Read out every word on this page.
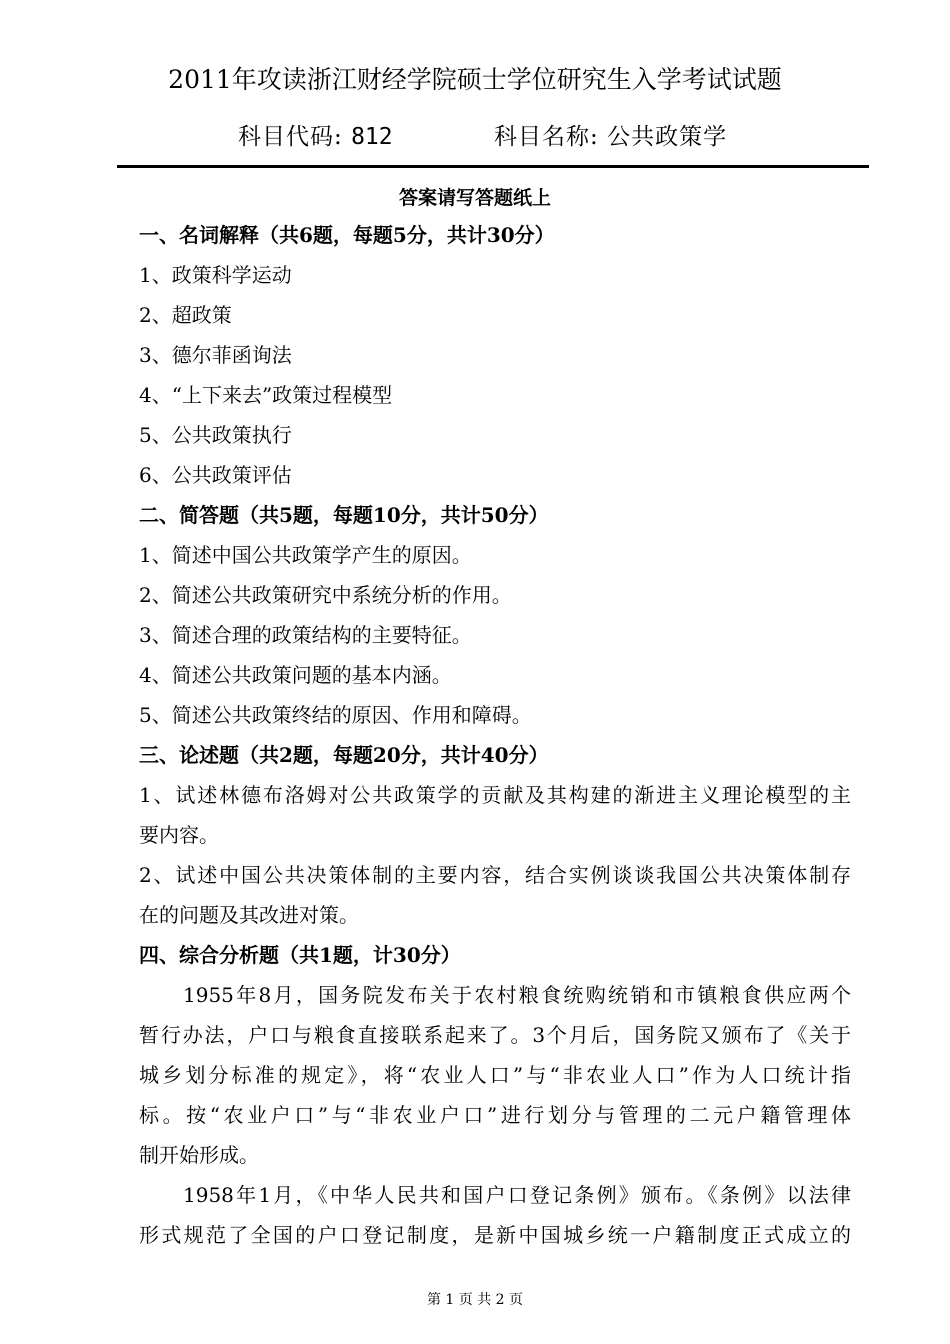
2011年攻读浙江财经学院硕士学位研究生入学考试试题
科目代码: 812	科目名称: 公共政策学
答案请写答题纸上

一、名词解释（共6题，每题5分，共计30分）

1、政策科学运动

2、超政策

3、德尔菲函询法

4、“上下来去”政策过程模型

5、公共政策执行

6、公共政策评估

二、简答题（共5题，每题10分，共计50分）

1、简述中国公共政策学产生的原因。

2、简述公共政策研究中系统分析的作用。

3、简述合理的政策结构的主要特征。

4、简述公共政策问题的基本内涵。

5、简述公共政策终结的原因、作用和障碍。

三、论述题（共2题，每题20分，共计40分）

1、试述林德布洛姆对公共政策学的贡献及其构建的渐进主义理论模型的主

要内容。

2、试述中国公共决策体制的主要内容，结合实例谈谈我国公共决策体制存

在的问题及其改进对策。

四、综合分析题（共1题，计30分）

1955年8月，国务院发布关于农村粮食统购统销和市镇粮食供应两个

暂行办法，户口与粮食直接联系起来了。3个月后，国务院又颁布了《关于

城乡划分标准的规定》，将“农业人口”与“非农业人口”作为人口统计指

标。按“农业户口”与“非农业户口”进行划分与管理的二元户籍管理体

制开始形成。

1958年1月，《中华人民共和国户口登记条例》颁布。《条例》以法律

形式规范了全国的户口登记制度，是新中国城乡统一户籍制度正式成立的

第 1 页 共 2 页
